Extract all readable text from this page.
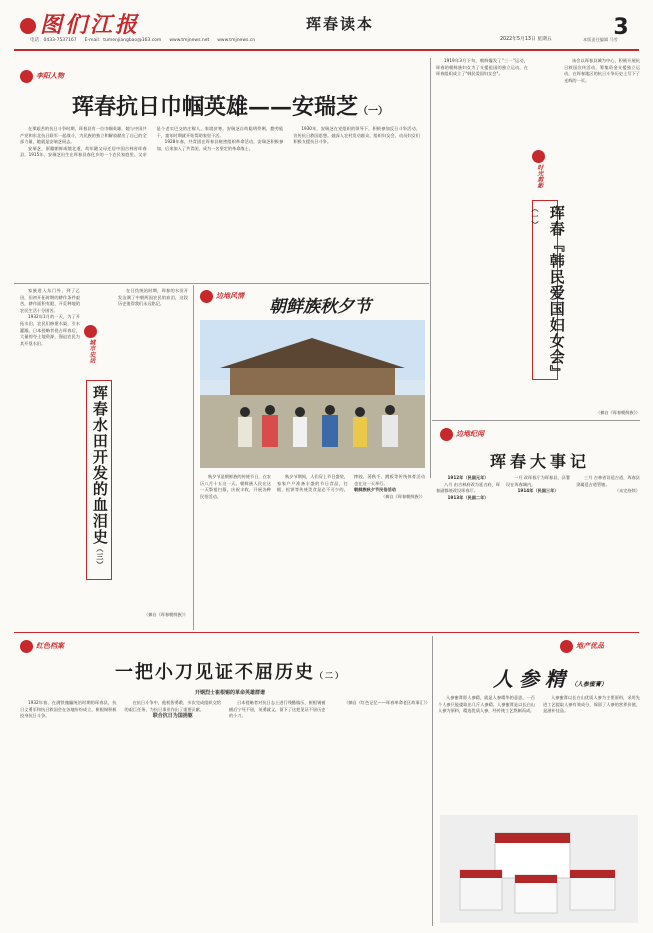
图们江报	珲春读本	3
电话：0433-7537167 E-mail：tumenjiangbao@163.com www.tmjnews.net www.tmjnews.cn	2022年5月13日 星期五	本版责任编辑 马雪
李阳人物
珲春抗日巾帼英雄——安瑞芝（一）

在那艰苦的抗日斗争时期，珲春县有一位巾帼英雄，她与中国共产党和东北抗日联军一起战斗，为民族的独立和解放献出了自己的全部力量，她就是安瑞芝同志。

安瑞芝，原籍朝鲜咸镜北道，幼年随父母迁居中国吉林省珲春县。1915年，安瑞芝出生在珲春县春化乡的一个农民家庭里。父亲是个老实巴交的庄稼人，家境贫寒。安瑞芝自幼聪明伶俐，勤劳能干，童年时期就开始帮助家里干活。

1928年春，共青团在珲春县秘密组织革命活动，安瑞芝积极参加，后来加入了共青团，成为一名坚定的革命战士。

1930年，安瑞芝在党组织的领导下，积极参加反日斗争活动，宣传抗日救国思想。她深入农村发动群众，组织妇女会，动员妇女们积极支援抗日斗争。

1919年3月下旬，朝鲜爆发了"三一"运动，珲春的朝鲜族妇女为了支援祖国的独立运动，在珲春组织成立了"韩民爱国妇女会"。

时光剪影
珲春『韩民爱国妇女会』（一）

该会以珲春县城为中心，积极开展抗日救国宣传活动，筹集资金支援独立运动，在珲春地区的抗日斗争历史上写下了光辉的一页。

（摘自《珲春朝鲜族》）

家族进入东门外，到了乙田，但初开拓时期的耕作条件艰苦，耕作面积有限，开荒种地的农民生活十分困苦。

1932年1月的一天，为了开拓水田，农民们修建水渠，引水灌溉。日本侵略者侵占珲春后，大量掠夺土地资源，强迫农民为其开垦水田。	城市史话
珲春水田开发的血泪史（三）

在日伪统治时期，珲春的水田开发沾满了中朝两国农民的血泪，这段历史值得我们永远铭记。

（摘自《珲春朝鲜族》）
边地风情
朝鲜族秋夕节

秋夕节是朝鲜族的传统节日，在农历八月十五这一天。朝鲜族人民在这一天祭祖扫墓，庆祝丰收，开展各种民俗活动。

秋夕节期间，人们穿上节日盛装，家家户户准备丰盛的节日食品，打糕、松饼等传统美食是必不可少的。摔跤、荡秋千、跳板等传统体育活动也在这一天举行。

朝鲜族秋夕节民俗活动

（摘自《珲春朝鲜族》）

边地纪闻
珲春大事记

1912年（民国元年）

八月 由吉林府改为延吉府，珲春副都统改设珲春厅。

1913年（民国二年）

一月 改珲春厅为珲春县，县署设在珲春城内。

1914年（民国三年）

三月 吉林省设延吉道，珲春县隶属延吉道管辖。

（未完待续）

红色档案
一把小刀见证不屈历史（二）
开钢烈士崔根锡的革命英雄群谱

1932年春，在满铁傀儡统治时期的珲春县，抗日义勇军和抗日救国会在各地纷纷成立，崔根锡积极投身抗日斗争。

在抗日斗争中，他机智勇敢，多次完成组织交给的艰巨任务，为抗日事业作出了重要贡献。

联合抗日为国捐躯

日本侵略者对抗日志士进行残酷镇压，崔根锡被捕后宁死不屈，英勇就义，留下了这把见证不屈历史的小刀。

（摘自《红色记忆——珲春革命老区故事汇》）

地产优品
人参精（人参蜜膏）

人参蜜膏即人参精，就是人参精华的意思，一百个人参只能提取出几斤人参精。人参蜜膏是以长白山人参为原料，精选优质人参，经传统工艺熬制而成。

人参蜜膏以长白山优质人参为主要原料，采用先进工艺提取人参有效成分，保留了人参的营养价值，是滋补佳品。
